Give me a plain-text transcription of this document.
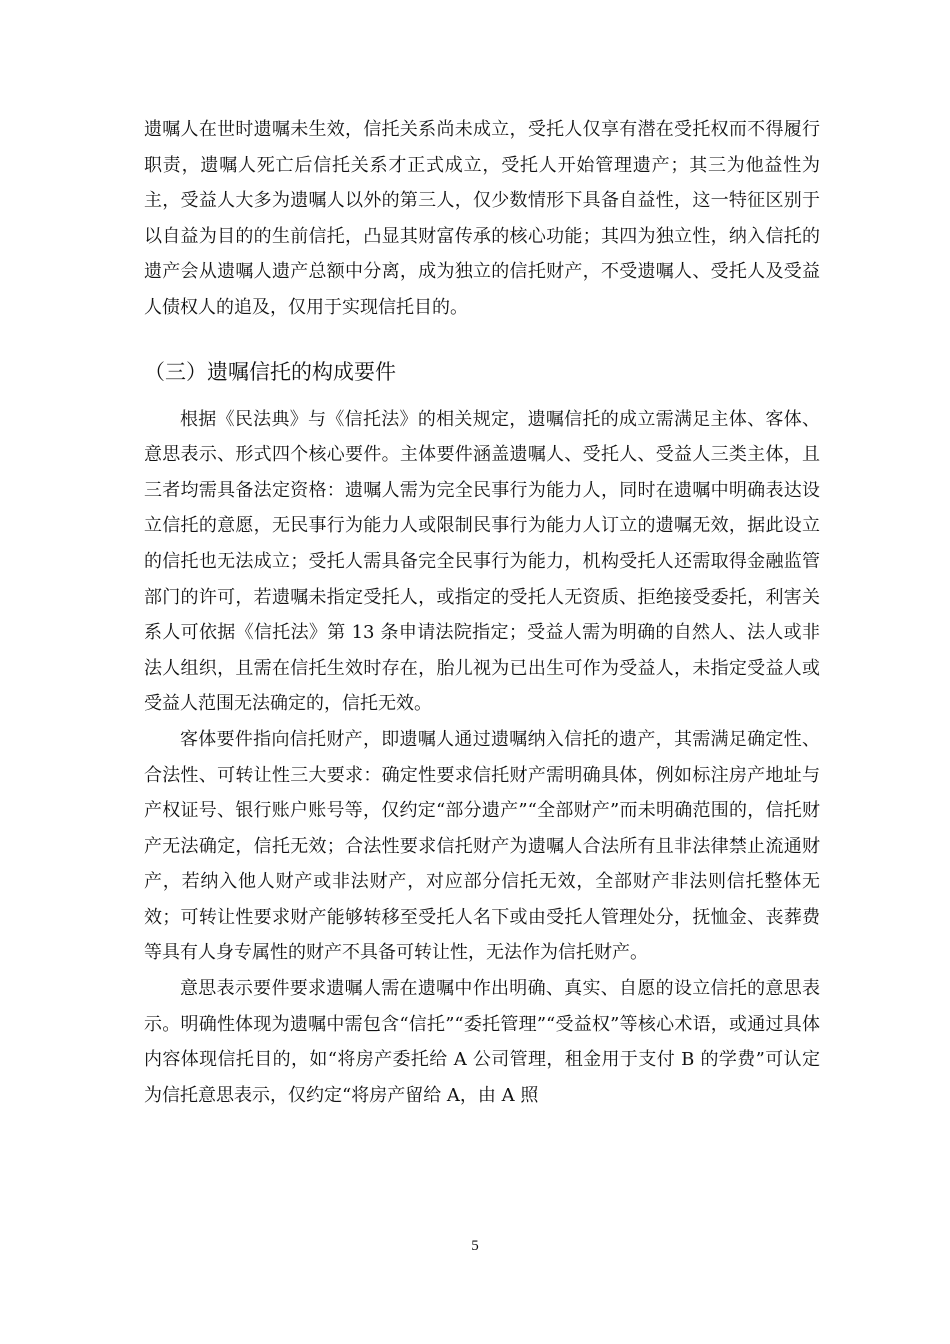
遗嘱人在世时遗嘱未生效，信托关系尚未成立，受托人仅享有潜在受托权而不得履行职责，遗嘱人死亡后信托关系才正式成立，受托人开始管理遗产；其三为他益性为主，受益人大多为遗嘱人以外的第三人，仅少数情形下具备自益性，这一特征区别于以自益为目的的生前信托，凸显其财富传承的核心功能；其四为独立性，纳入信托的遗产会从遗嘱人遗产总额中分离，成为独立的信托财产，不受遗嘱人、受托人及受益人债权人的追及，仅用于实现信托目的。

（三）遗嘱信托的构成要件

根据《民法典》与《信托法》的相关规定，遗嘱信托的成立需满足主体、客体、意思表示、形式四个核心要件。主体要件涵盖遗嘱人、受托人、受益人三类主体，且三者均需具备法定资格：遗嘱人需为完全民事行为能力人，同时在遗嘱中明确表达设立信托的意愿，无民事行为能力人或限制民事行为能力人订立的遗嘱无效，据此设立的信托也无法成立；受托人需具备完全民事行为能力，机构受托人还需取得金融监管部门的许可，若遗嘱未指定受托人，或指定的受托人无资质、拒绝接受委托，利害关系人可依据《信托法》第 13 条申请法院指定；受益人需为明确的自然人、法人或非法人组织，且需在信托生效时存在，胎儿视为已出生可作为受益人，未指定受益人或受益人范围无法确定的，信托无效。

客体要件指向信托财产，即遗嘱人通过遗嘱纳入信托的遗产，其需满足确定性、合法性、可转让性三大要求：确定性要求信托财产需明确具体，例如标注房产地址与产权证号、银行账户账号等，仅约定“部分遗产”“全部财产”而未明确范围的，信托财产无法确定，信托无效；合法性要求信托财产为遗嘱人合法所有且非法律禁止流通财产，若纳入他人财产或非法财产，对应部分信托无效，全部财产非法则信托整体无效；可转让性要求财产能够转移至受托人名下或由受托人管理处分，抚恤金、丧葬费等具有人身专属性的财产不具备可转让性，无法作为信托财产。

意思表示要件要求遗嘱人需在遗嘱中作出明确、真实、自愿的设立信托的意思表示。明确性体现为遗嘱中需包含“信托”“委托管理”“受益权”等核心术语，或通过具体内容体现信托目的，如“将房产委托给 A 公司管理，租金用于支付 B 的学费”可认定为信托意思表示，仅约定“将房产留给 A，由 A 照

5
